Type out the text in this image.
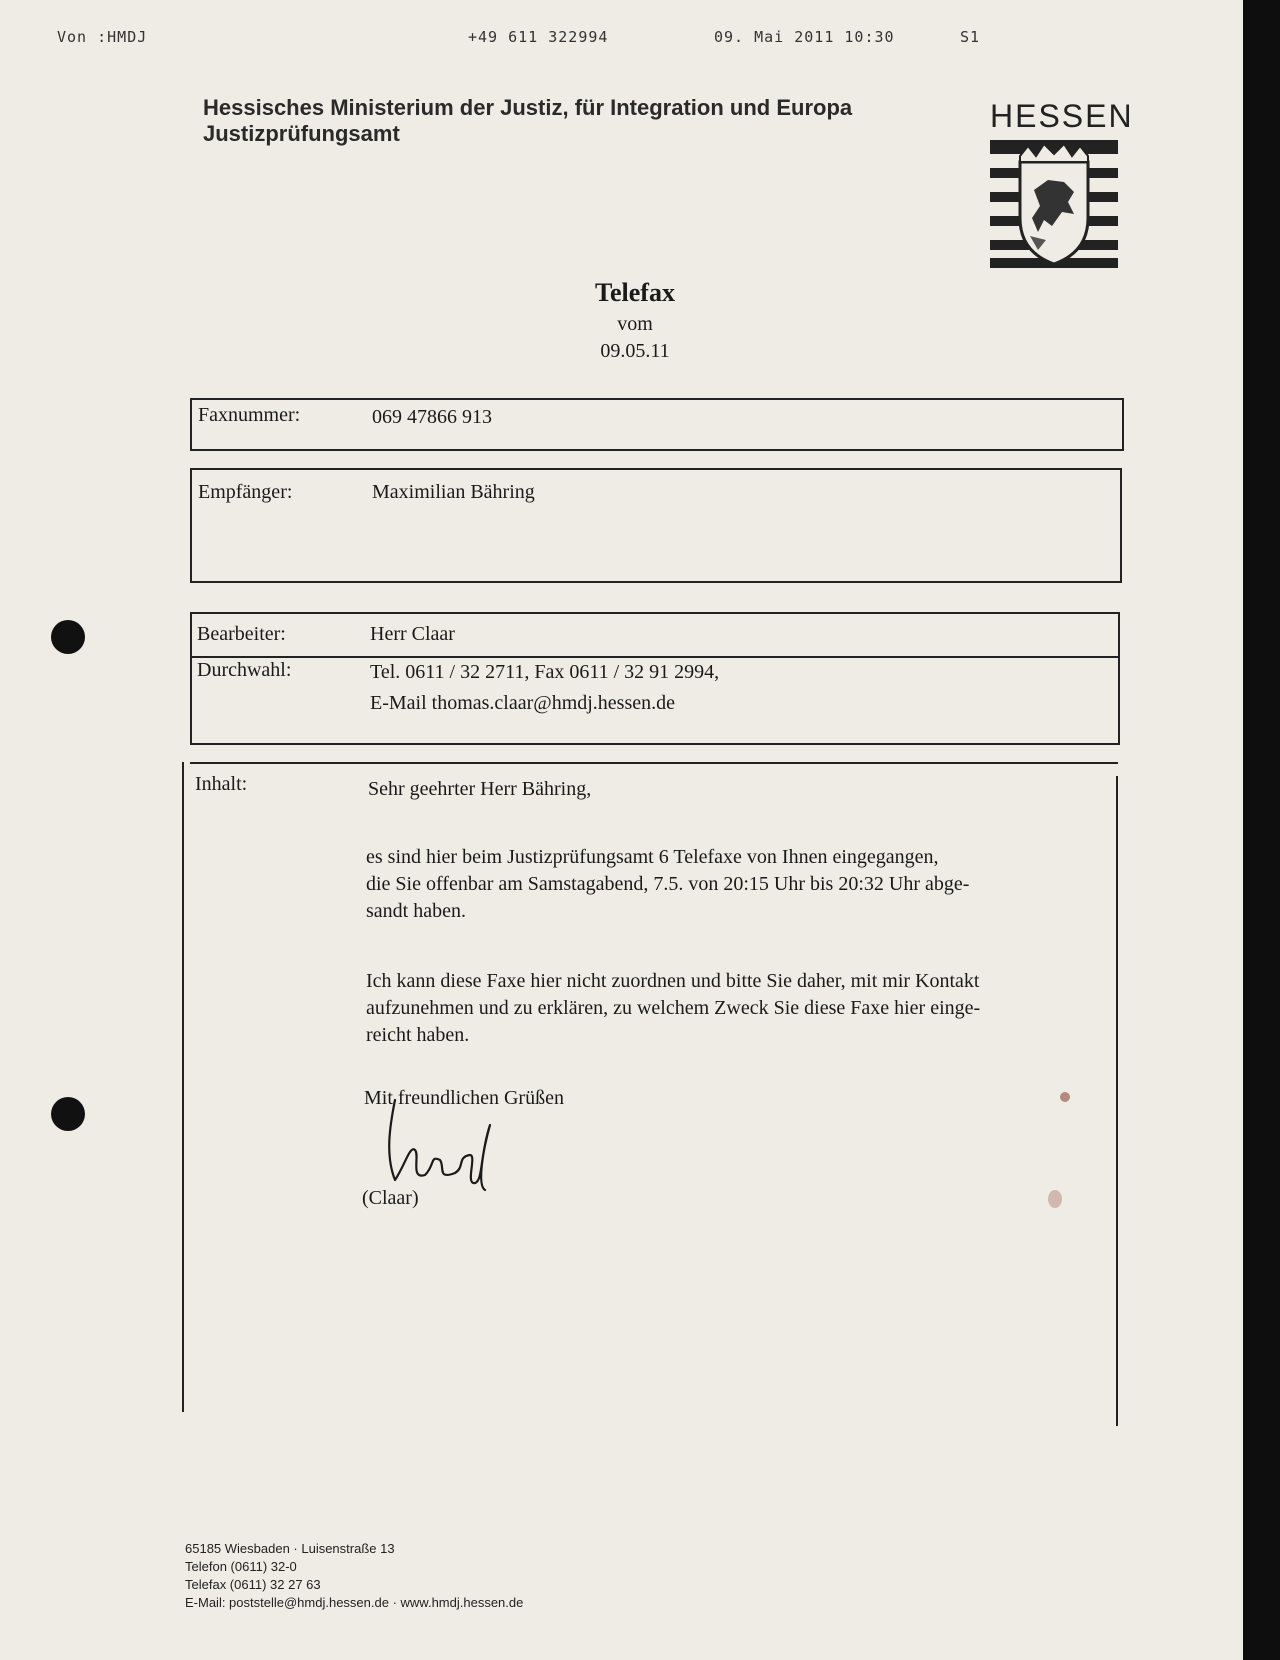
Von :HMDJ	+49 611 322994	09. Mai 2011 10:30	S1
Hessisches Ministerium der Justiz, für Integration und Europa
Justizprüfungsamt	HESSEN
Telefax
vom
09.05.11
Faxnummer:	069 47866 913
Empfänger:	Maximilian Bähring
Bearbeiter:	Herr Claar
Durchwahl:	Tel. 0611 / 32 2711, Fax 0611 / 32 91 2994,
E-Mail thomas.claar@hmdj.hessen.de
Inhalt:	Sehr geehrter Herr Bähring,
es sind hier beim Justizprüfungsamt 6 Telefaxe von Ihnen eingegangen,
die Sie offenbar am Samstagabend, 7.5. von 20:15 Uhr bis 20:32 Uhr abge-
sandt haben.
Ich kann diese Faxe hier nicht zuordnen und bitte Sie daher, mit mir Kontakt
aufzunehmen und zu erklären, zu welchem Zweck Sie diese Faxe hier einge-
reicht haben.
Mit freundlichen Grüßen
(Claar)
65185 Wiesbaden · Luisenstraße 13
Telefon (0611) 32-0
Telefax (0611) 32 27 63
E-Mail: poststelle@hmdj.hessen.de · www.hmdj.hessen.de
